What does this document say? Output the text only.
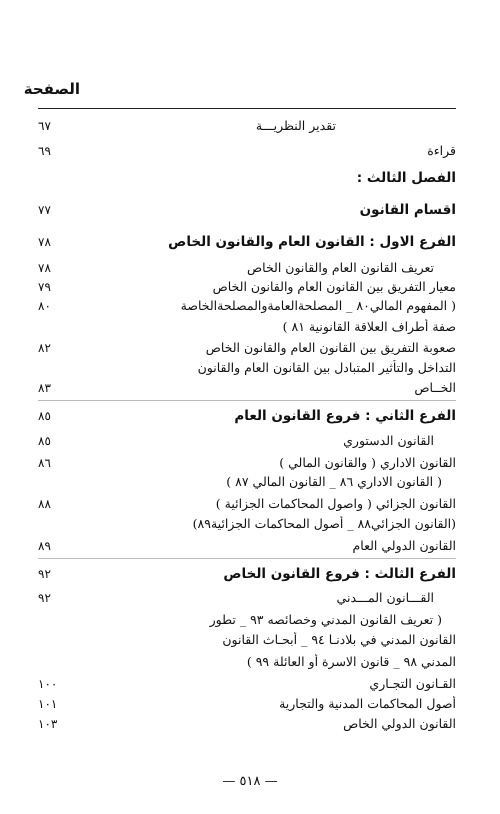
الصفحة
تقدير النظريـــة
٦٧
قراءة
٦٩
الفصل الثالث :
اقسام القانون
٧٧
الفرع الاول : القانون العام والقانون الخاص
٧٨
تعريف القانون العام والقانون الخاص
٧٨
معيار التفريق بين القانون العام والقانون الخاص
٧٩
( المفهوم المالي٨٠ _ المصلحةالعامةوالمصلحةالخاصة
٨٠
صفة أطراف العلاقة القانونية ٨١ )
صعوبة التفريق بين القانون العام والقانون الخاص
٨٢
التداخل والتأثير المتبادل بين القانون العام والقانون
الخــاص
٨٣
الفرع الثاني : فروع القانون العام
٨٥
القانون الدستوري
٨٥
القانون الاداري ( والقانون المالي )
٨٦
( القانون الاداري ٨٦ _ القانون المالي ٨٧ )
القانون الجزائي ( واصول المحاكمات الجزائية )
٨٨
(القانون الجزائي٨٨ _ أصول المحاكمات الجزائية٨٩)
القانون الدولي العام
٨٩
الفرع الثالث : فروع القانون الخاص
٩٢
القـــانون المـــدني
٩٢
( تعريف القانون المدني وخصائصه ٩٣ _ تطور
القانون المدني في بلادنـا ٩٤ _ أبحـاث القانون
المدني ٩٨ _ قانون الاسرة أو العائلة ٩٩ )
القـانون التجـاري
١٠٠
أصول المحاكمات المدنية والتجارية
١٠١
القانون الدولي الخاص
١٠٣
— ٥١٨ —
